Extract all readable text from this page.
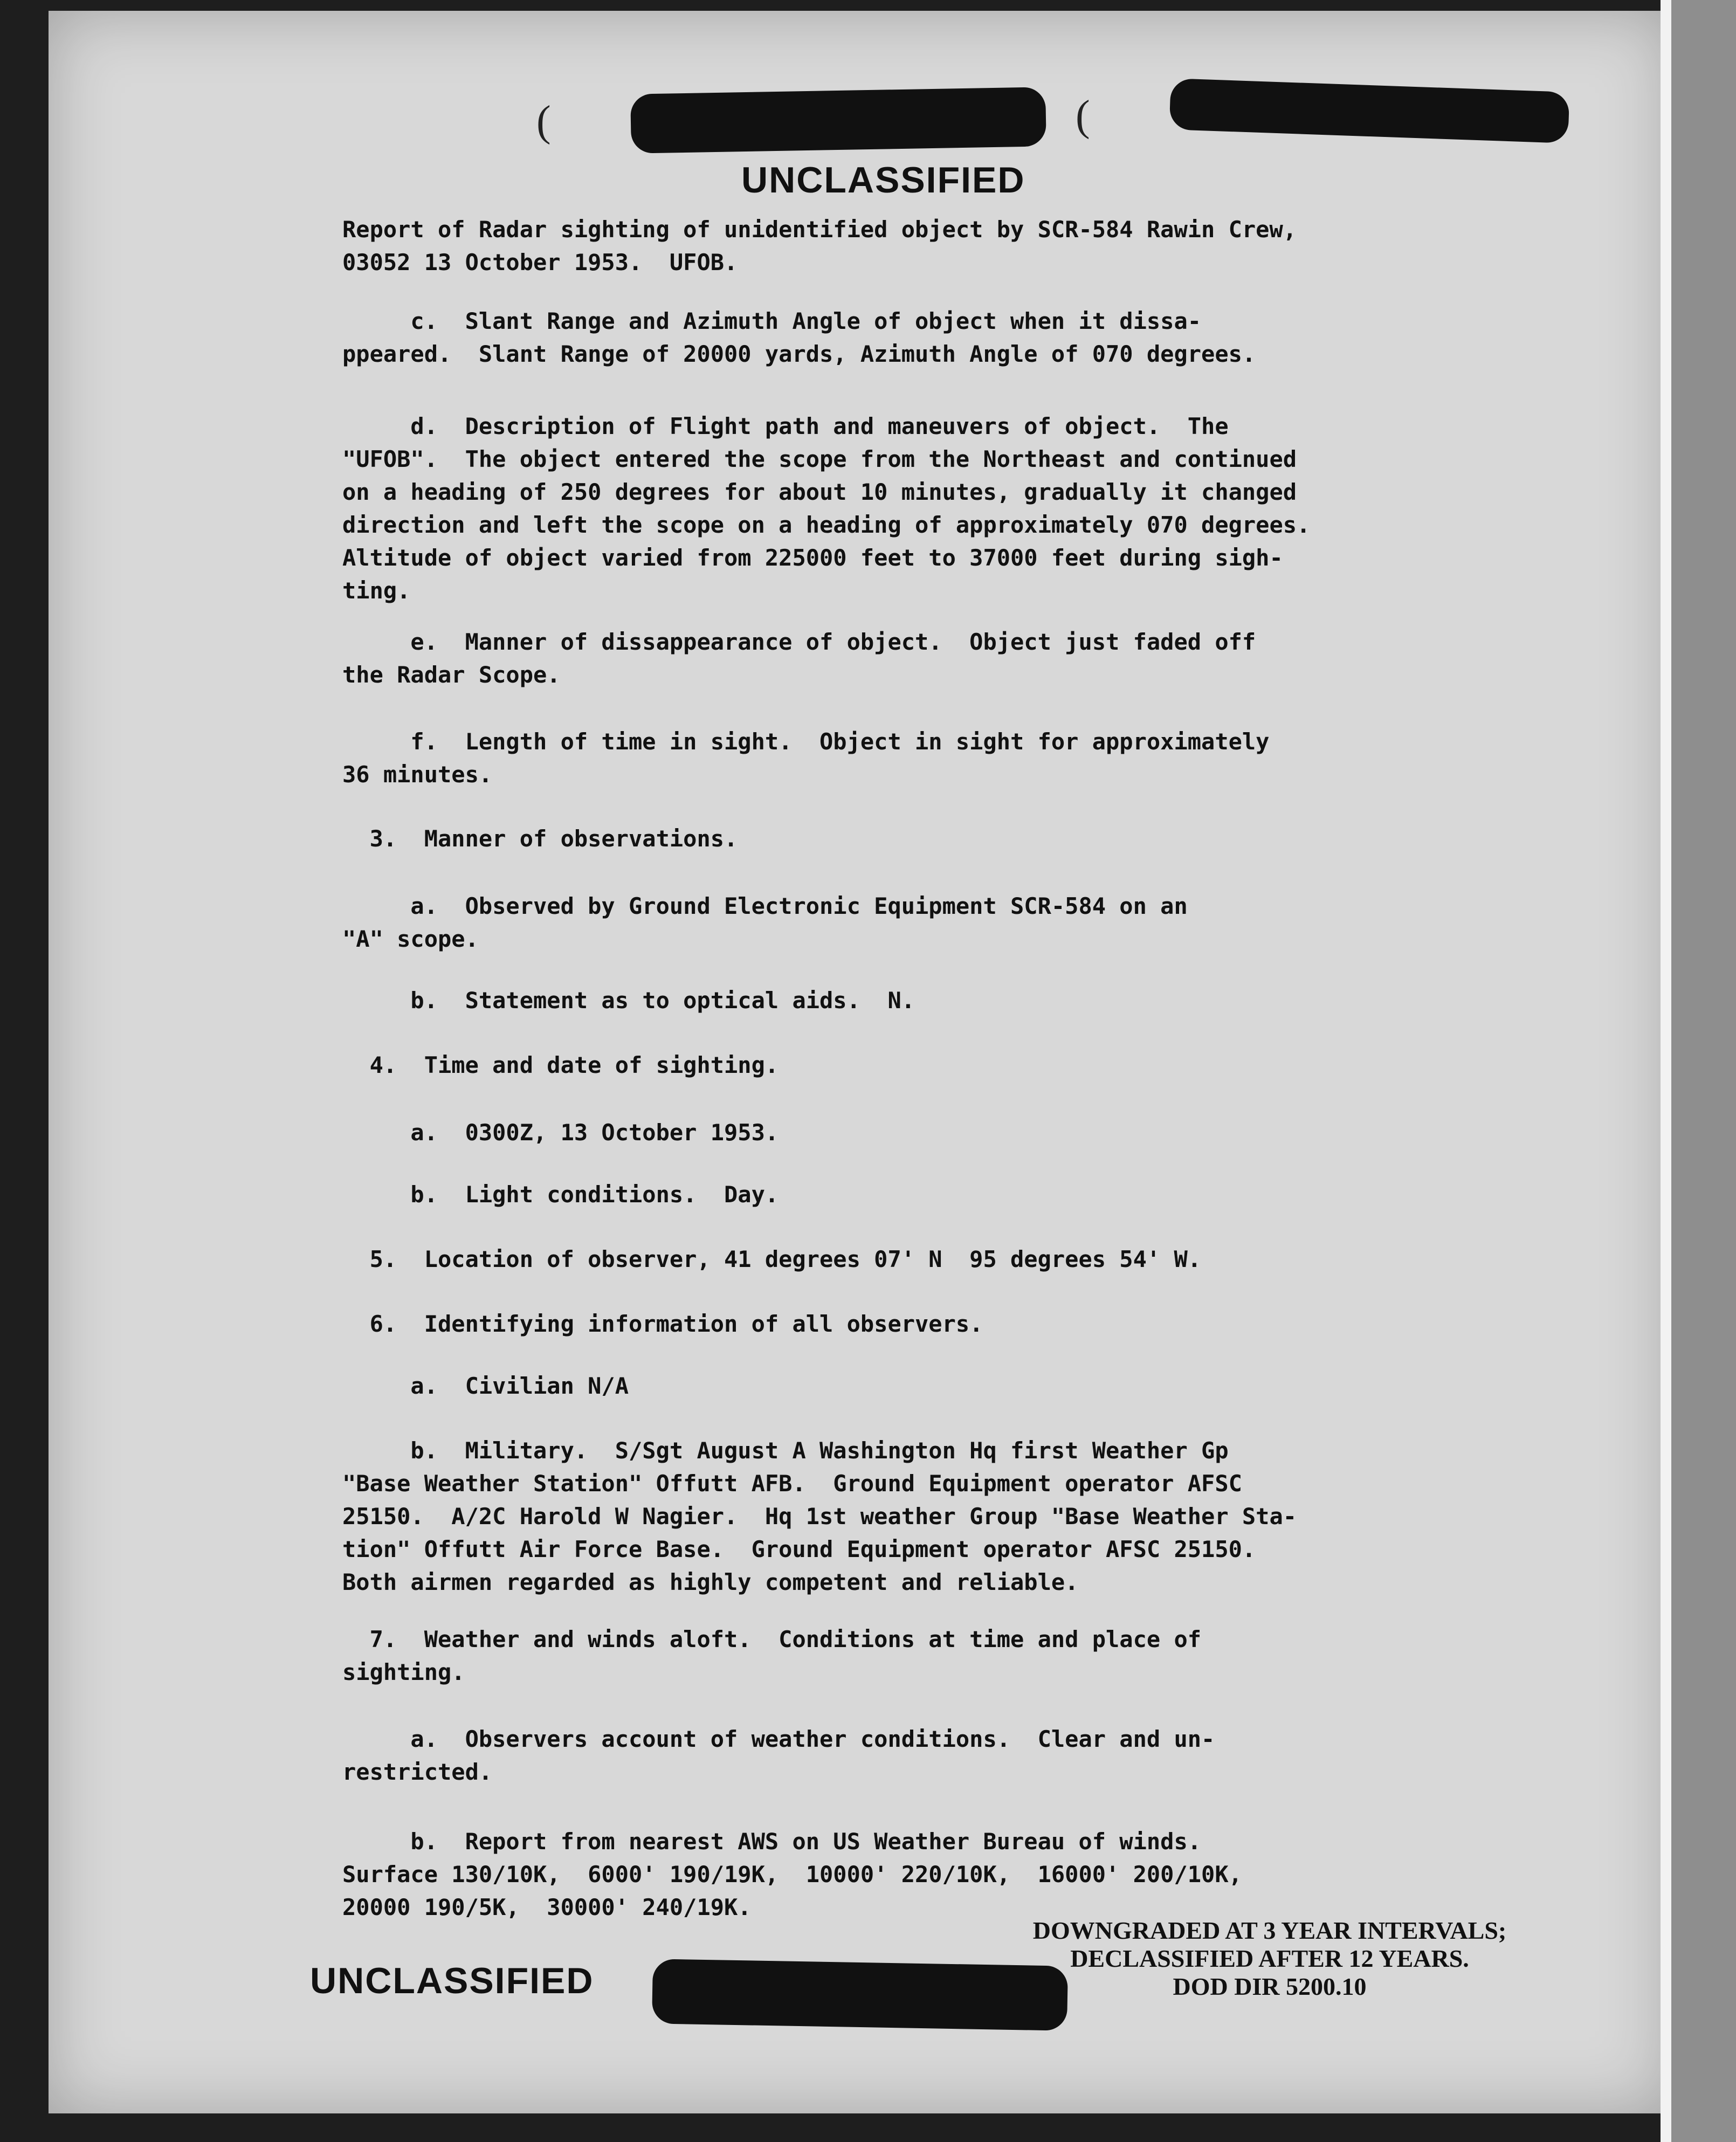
(	(
UNCLASSIFIED
Report of Radar sighting of unidentified object by SCR-584 Rawin Crew,
03052 13 October 1953.  UFOB.
c.  Slant Range and Azimuth Angle of object when it dissa-
ppeared.  Slant Range of 20000 yards, Azimuth Angle of 070 degrees.
d.  Description of Flight path and maneuvers of object.  The
"UFOB".  The object entered the scope from the Northeast and continued
on a heading of 250 degrees for about 10 minutes, gradually it changed
direction and left the scope on a heading of approximately 070 degrees.
Altitude of object varied from 225000 feet to 37000 feet during sigh-
ting.
e.  Manner of dissappearance of object.  Object just faded off
the Radar Scope.
f.  Length of time in sight.  Object in sight for approximately
36 minutes.
3.  Manner of observations.
a.  Observed by Ground Electronic Equipment SCR-584 on an
"A" scope.
b.  Statement as to optical aids.  N.
4.  Time and date of sighting.
a.  0300Z, 13 October 1953.
b.  Light conditions.  Day.
5.  Location of observer, 41 degrees 07' N  95 degrees 54' W.
6.  Identifying information of all observers.
a.  Civilian N/A
b.  Military.  S/Sgt August A Washington Hq first Weather Gp
"Base Weather Station" Offutt AFB.  Ground Equipment operator AFSC
25150.  A/2C Harold W Nagier.  Hq 1st weather Group "Base Weather Sta-
tion" Offutt Air Force Base.  Ground Equipment operator AFSC 25150.
Both airmen regarded as highly competent and reliable.
7.  Weather and winds aloft.  Conditions at time and place of
sighting.
a.  Observers account of weather conditions.  Clear and un-
restricted.
b.  Report from nearest AWS on US Weather Bureau of winds.
Surface 130/10K,  6000' 190/19K,  10000' 220/10K,  16000' 200/10K,
20000 190/5K,  30000' 240/19K.
UNCLASSIFIED

DOWNGRADED AT 3 YEAR INTERVALS;

DECLASSIFIED AFTER 12 YEARS.

DOD DIR 5200.10
